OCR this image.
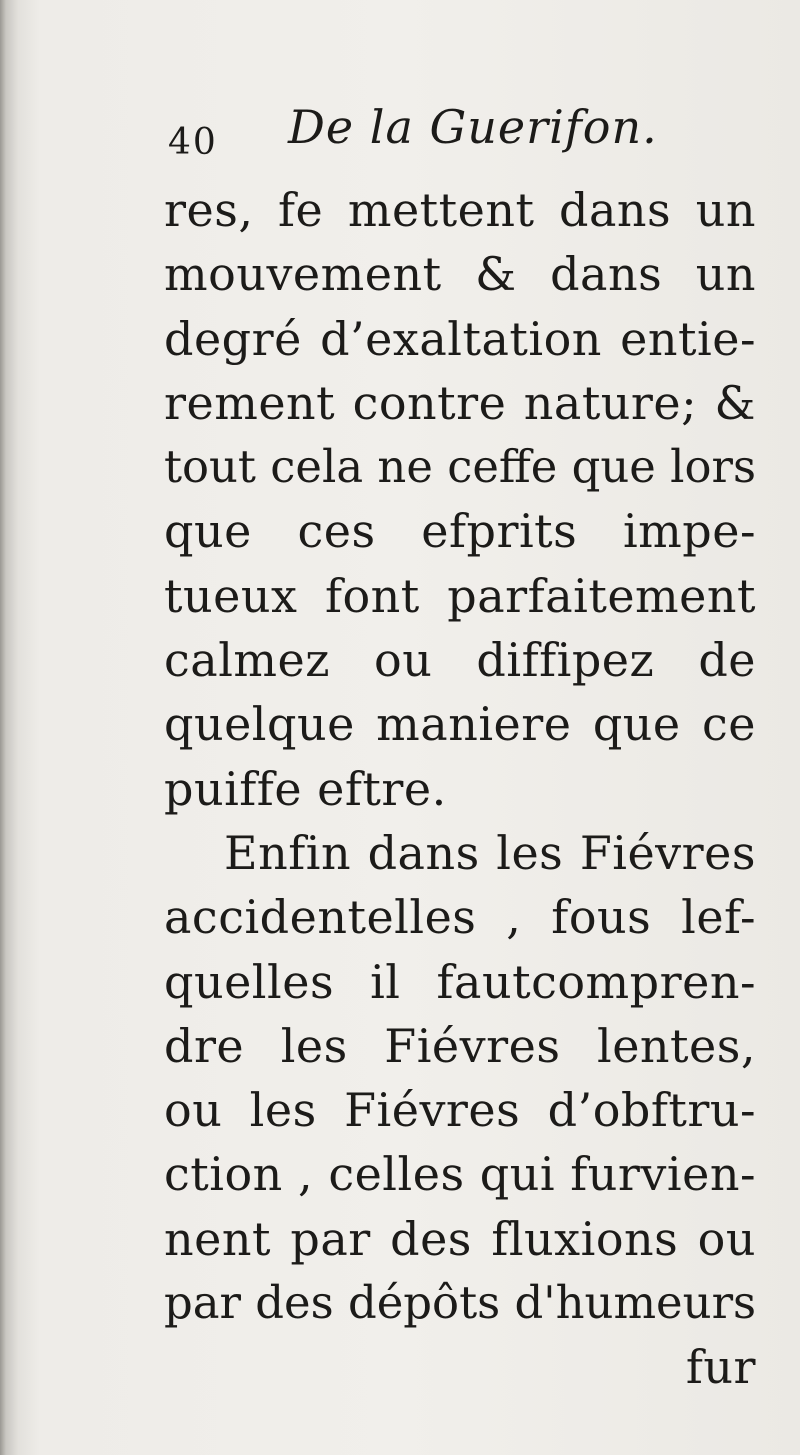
40 De la Guerifon.
res, fe mettent dans un
mouvement & dans un
degré d’exaltation entie-
rement contre nature; &
tout cela ne ceffe que lors
que ces efprits impe-
tueux font parfaitement
calmez ou diffipez de
quelque maniere que ce
puiffe eftre.
Enfin dans les Fiévres
accidentelles , fous lef-
quelles il fautcompren-
dre les Fiévres lentes,
ou les Fiévres d’obftru-
ction , celles qui furvien-
nent par des fluxions ou
par des dépôts d'humeurs
fur
